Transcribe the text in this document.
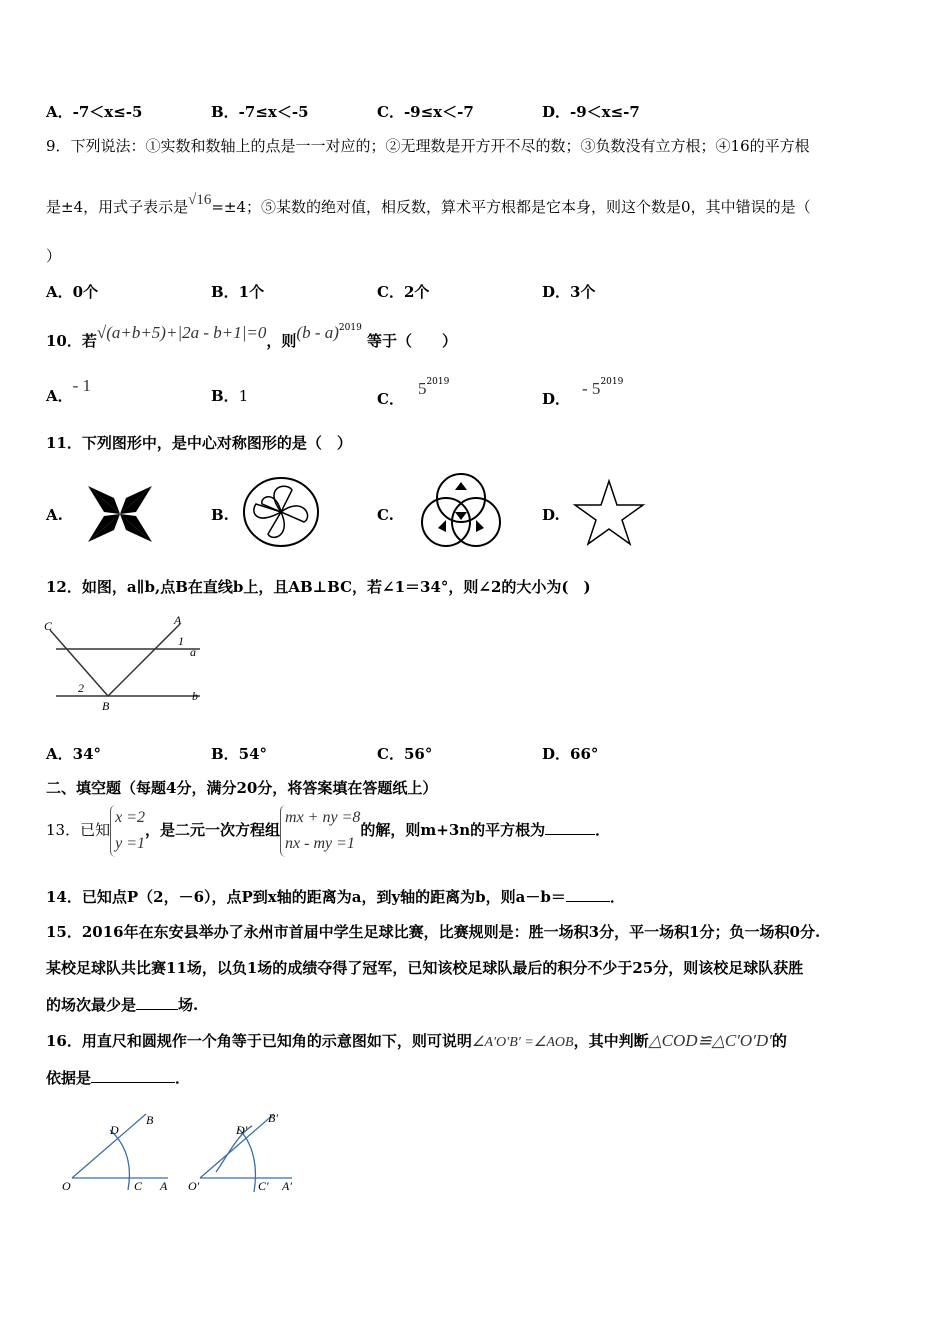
A．-7＜x≤-5	B．-7≤x＜-5	C．-9≤x＜-7	D．-9＜x≤-7
9．下列说法：①实数和数轴上的点是一一对应的；②无理数是开方开不尽的数；③负数没有立方根；④16的平方根
是±4，用式子表示是√16=±4；⑤某数的绝对值，相反数，算术平方根都是它本身，则这个数是0，其中错误的是（
）
A．0个	B．1个	C．2个	D．3个
10．若√(a+b+5)+|2a - b+1|=0，则(b - a)$^{2019}$ 等于（　　）
A．- 1
B．1	C．$5^{2019}$
D．- $5^{2019}$
11．下列图形中，是中心对称图形的是（　）
A.	B.	C.	D.
12．如图，a∥b,点B在直线b上，且AB⊥BC，若∠1＝34°，则∠2的大小为(　)
C	A
1
a
2
B
b
A．34°	B．54°	C．56°	D．66°
二、填空题（每题4分，满分20分，将答案填在答题纸上）
13．已知
x =2
y =1
，是二元一次方程组
mx + ny =8
nx - my =1
的解，则m+3n的平方根为	．
14．已知点P（2，－6），点P到x轴的距离为a，到y轴的距离为b，则a－b＝	．
15．2016年在东安县举办了永州市首届中学生足球比赛，比赛规则是：胜一场积3分，平一场积1分；负一场积0分.
某校足球队共比赛11场，以负1场的成绩夺得了冠军，已知该校足球队最后的积分不少于25分，则该校足球队获胜
的场次最少是	场.
16．用直尺和圆规作一个角等于已知角的示意图如下，则可说明∠A′O′B′ =∠AOB，其中判断△COD≌△C′O′D′的
依据是	．
D
B
O	C A
D′
B′
O′	C′ A′
